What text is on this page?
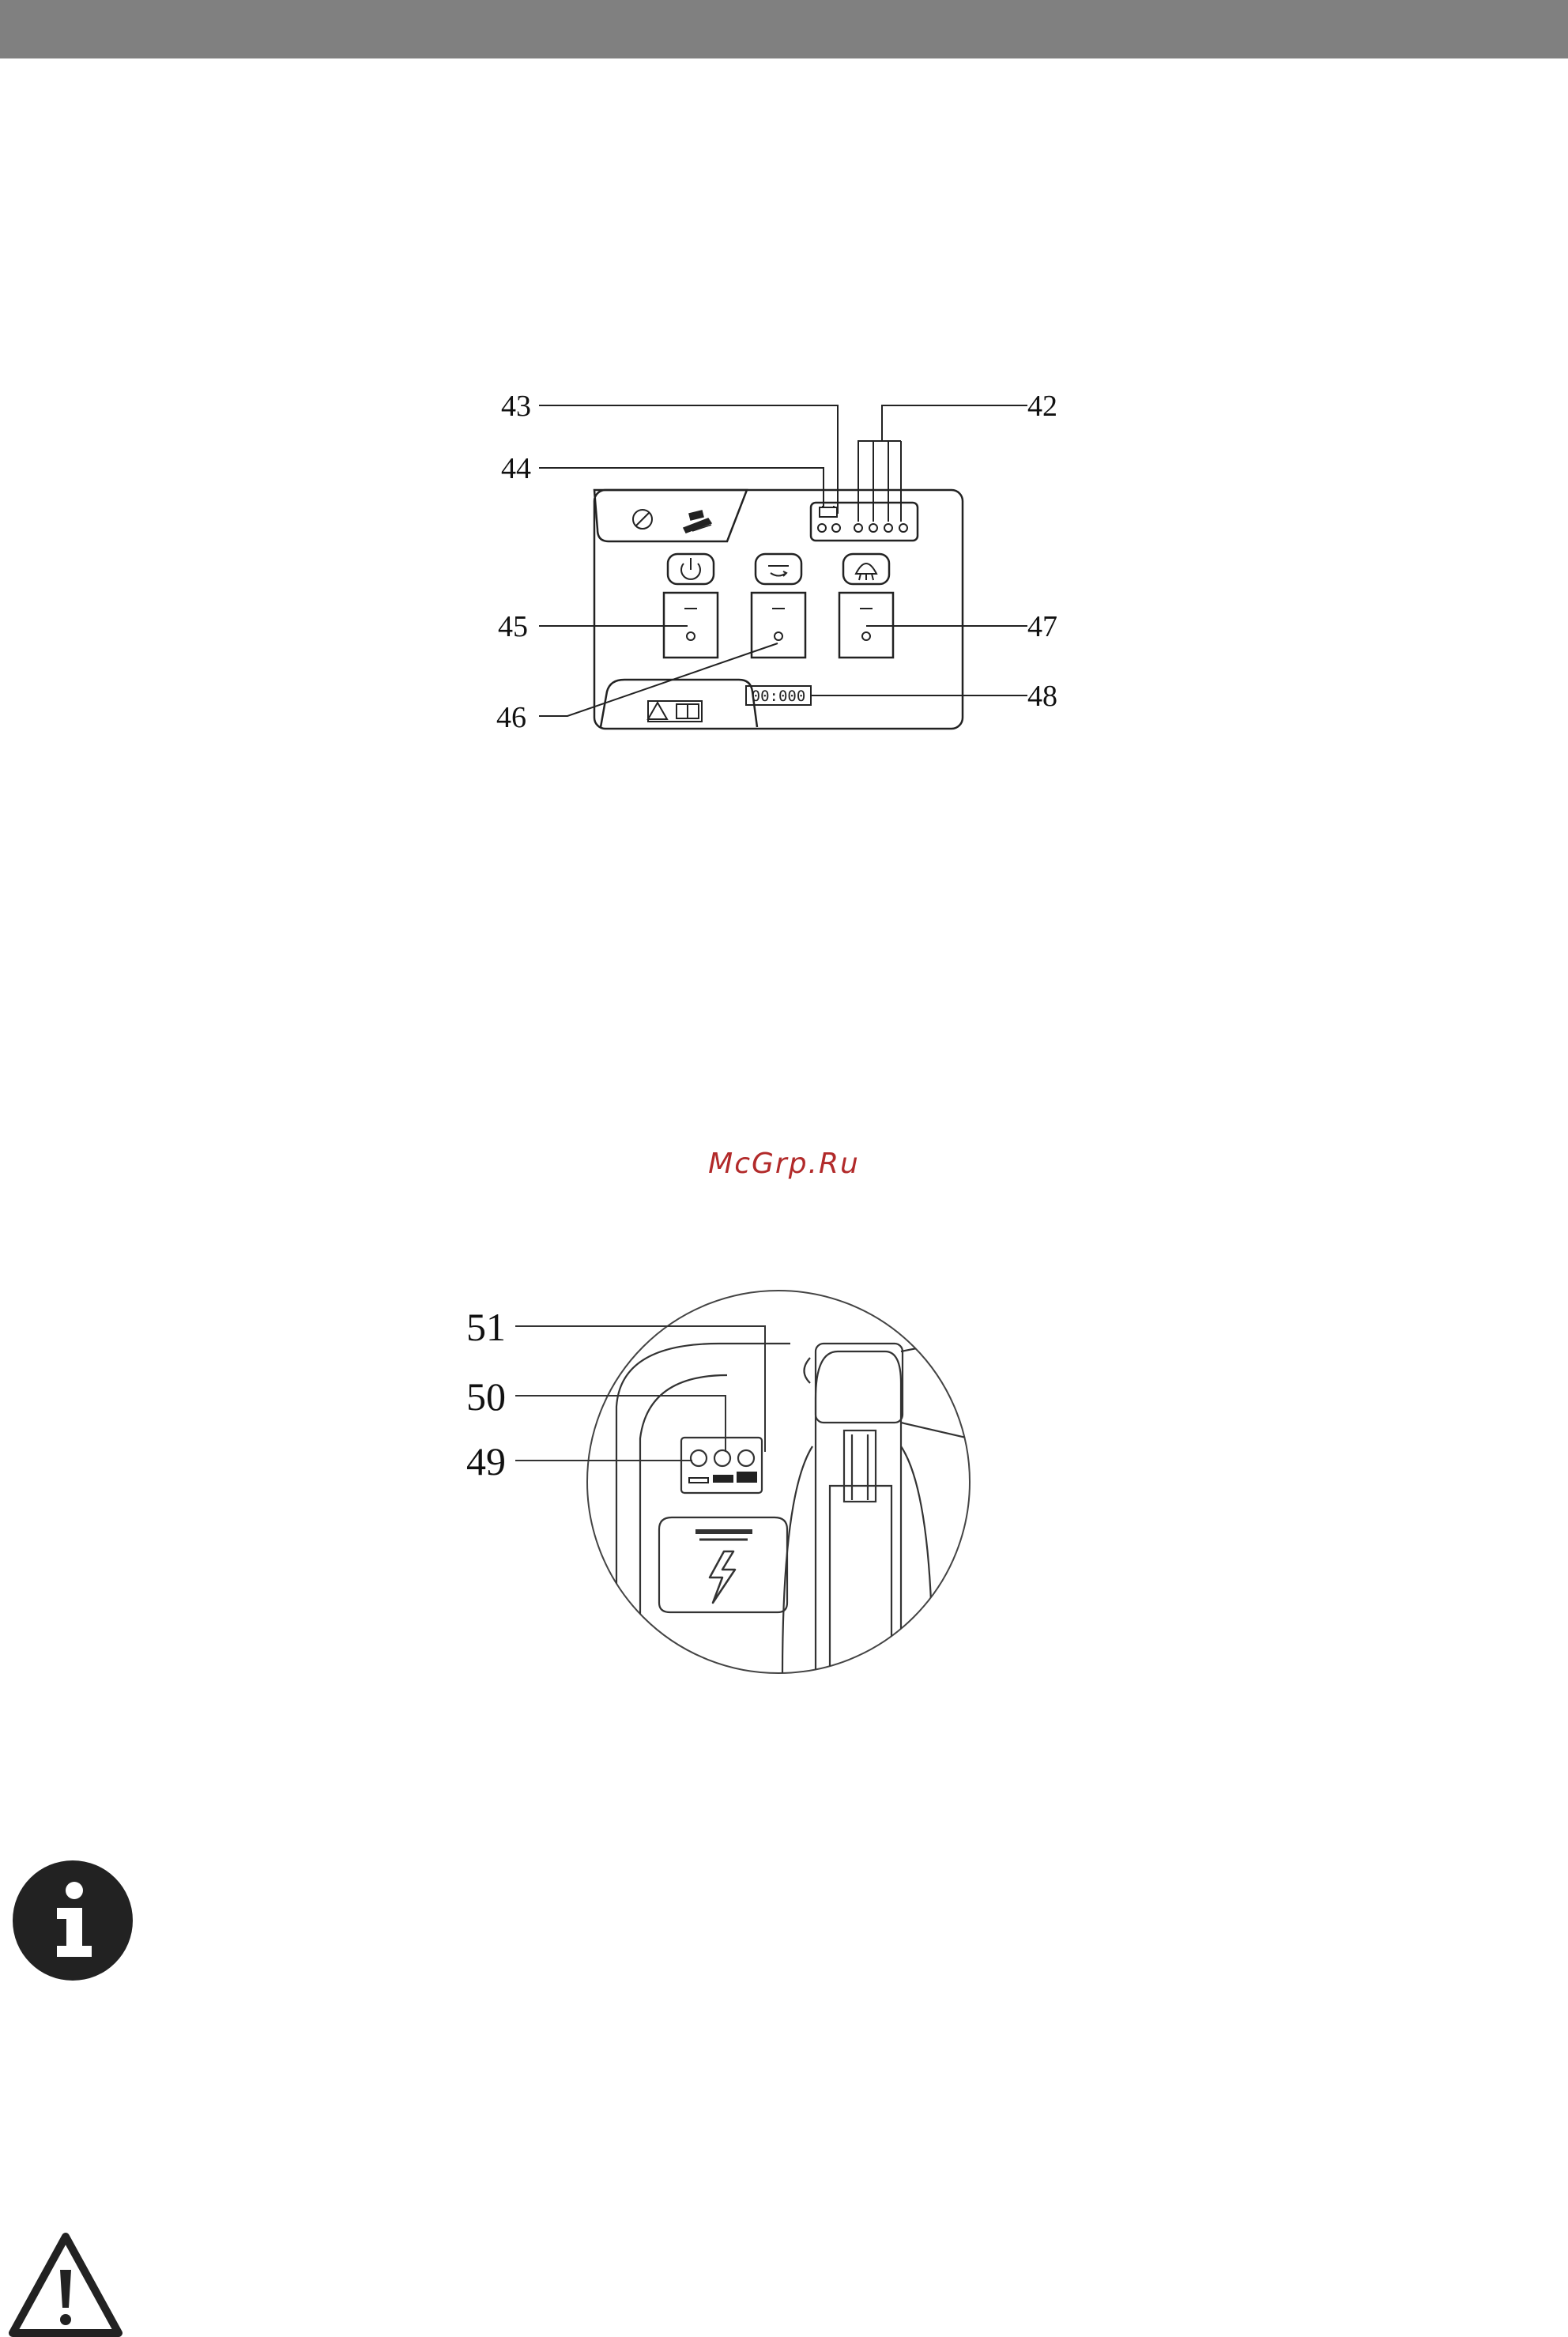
00:000
43
44
42
45
46
47
48
McGrp.Ru
51
50
49
